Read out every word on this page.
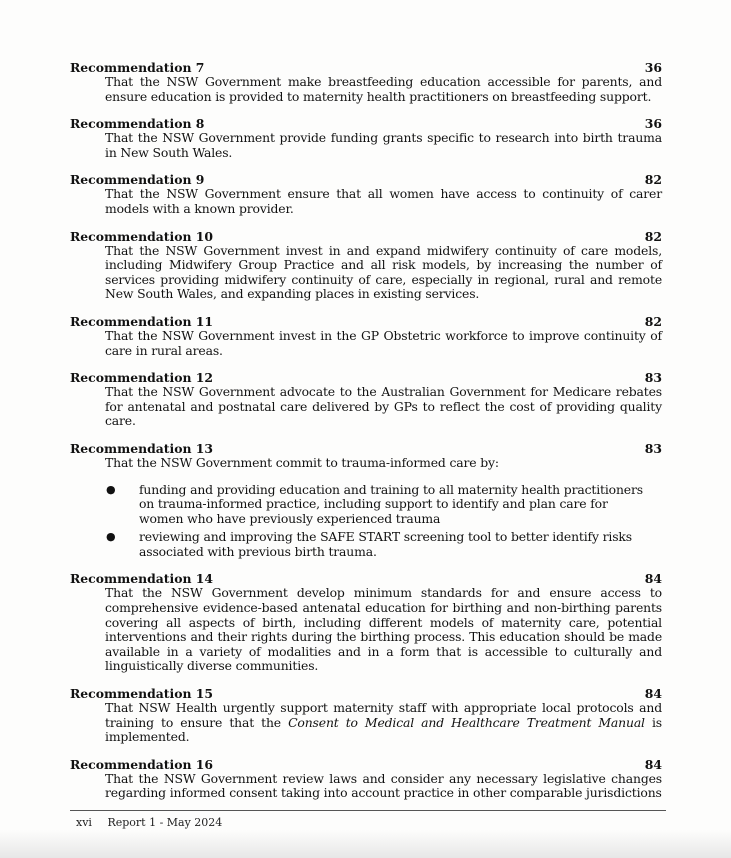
Recommendation 7	36
That the NSW Government make breastfeeding education accessible for parents, and ensure education is provided to maternity health practitioners on breastfeeding support.
Recommendation 8	36
That the NSW Government provide funding grants specific to research into birth trauma in New South Wales.
Recommendation 9	82
That the NSW Government ensure that all women have access to continuity of carer models with a known provider.
Recommendation 10	82
That the NSW Government invest in and expand midwifery continuity of care models, including Midwifery Group Practice and all risk models, by increasing the number of services providing midwifery continuity of care, especially in regional, rural and remote New South Wales, and expanding places in existing services.
Recommendation 11	82
That the NSW Government invest in the GP Obstetric workforce to improve continuity of care in rural areas.
Recommendation 12	83
That the NSW Government advocate to the Australian Government for Medicare rebates for antenatal and postnatal care delivered by GPs to reflect the cost of providing quality care.
Recommendation 13	83
That the NSW Government commit to trauma-informed care by:
● funding and providing education and training to all maternity health practitioners on trauma-informed practice, including support to identify and plan care for women who have previously experienced trauma
● reviewing and improving the SAFE START screening tool to better identify risks associated with previous birth trauma.
Recommendation 14	84
That the NSW Government develop minimum standards for and ensure access to comprehensive evidence-based antenatal education for birthing and non-birthing parents covering all aspects of birth, including different models of maternity care, potential interventions and their rights during the birthing process. This education should be made available in a variety of modalities and in a form that is accessible to culturally and linguistically diverse communities.
Recommendation 15	84
That NSW Health urgently support maternity staff with appropriate local protocols and training to ensure that the Consent to Medical and Healthcare Treatment Manual is implemented.
Recommendation 16	84
That the NSW Government review laws and consider any necessary legislative changes regarding informed consent taking into account practice in other comparable jurisdictions
xvi Report 1 - May 2024
